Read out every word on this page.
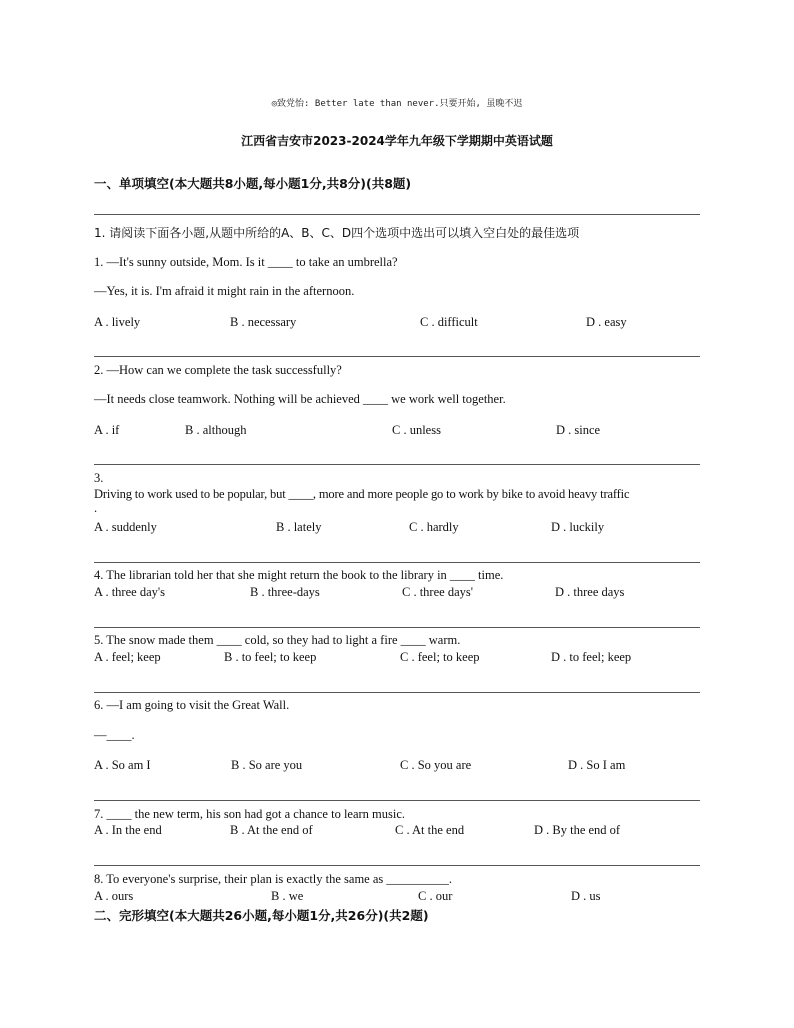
◎致党怡: Better late than never.只要开始, 虽晚不迟
江西省吉安市2023-2024学年九年级下学期期中英语试题
一、单项填空(本大题共8小题,每小题1分,共8分)(共8题)
1. 请阅读下面各小题,从题中所给的A、B、C、D四个选项中选出可以填入空白处的最佳选项
1. —It's sunny outside, Mom. Is it ____ to take an umbrella?
—Yes, it is. I'm afraid it might rain in the afternoon.
A . lively	B . necessary	C . difficult	D . easy
2. —How can we complete the task successfully?
—It needs close teamwork. Nothing will be achieved ____ we work well together.
A . if	B . although	C . unless	D . since
3.
Driving to work used to be popular, but ____, more and more people go to work by bike to avoid heavy traffic
.
A . suddenly	B . lately	C . hardly	D . luckily
4. The librarian told her that she might return the book to the library in ____ time.
A . three day's	B . three-days	C . three days'	D . three days
5. The snow made them ____ cold, so they had to light a fire ____ warm.
A . feel; keep	B . to feel; to keep	C . feel; to keep	D . to feel; keep
6. —I am going to visit the Great Wall.
—____.
A . So am I	B . So are you	C . So you are	D . So I am
7. ____ the new term, his son had got a chance to learn music.
A . In the end	B . At the end of	C . At the end	D . By the end of
8. To everyone's surprise, their plan is exactly the same as __________.
A . ours	B . we	C . our	D . us
二、完形填空(本大题共26小题,每小题1分,共26分)(共2题)
